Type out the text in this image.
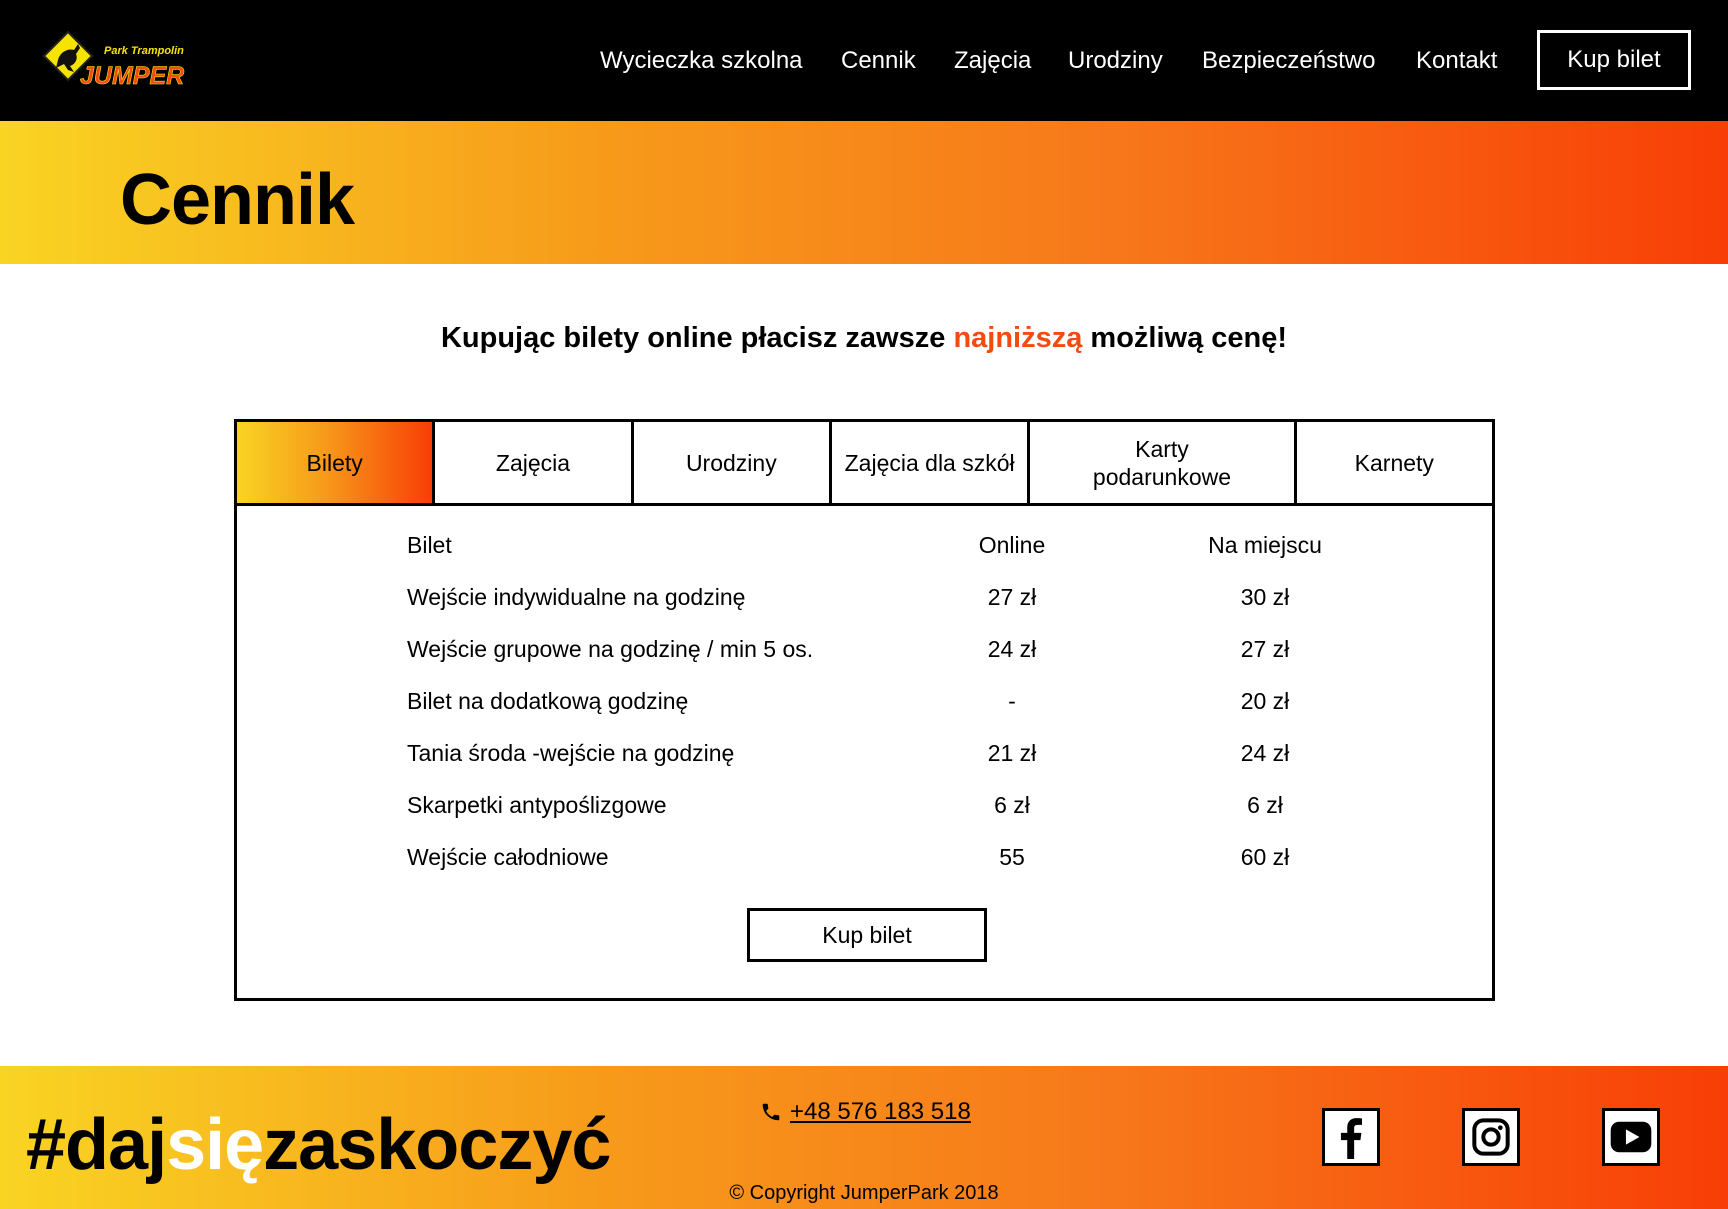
Park Trampolin
JUMPER
Wycieczka szkolna Cennik Zajęcia Urodziny Bezpieczeństwo Kontakt	Kup bilet
Cennik

Kupując bilety online płacisz zawsze najniższą możliwą cenę!

Bilety	Zajęcia	Urodziny	Zajęcia dla szkół
Karty podarunkowe
Karnety
Bilet	Online	Na miejscu
Wejście indywidualne na godzinę	27 zł	30 zł
Wejście grupowe na godzinę / min 5 os.	24 zł	27 zł
Bilet na dodatkową godzinę	-	20 zł
Tania środa -wejście na godzinę	21 zł	24 zł
Skarpetki antypoślizgowe	6 zł	6 zł
Wejście całodniowe	55	60 zł
Kup bilet
#dajsięzaskoczyć	+48 576 183 518
© Copyright JumperPark 2018
